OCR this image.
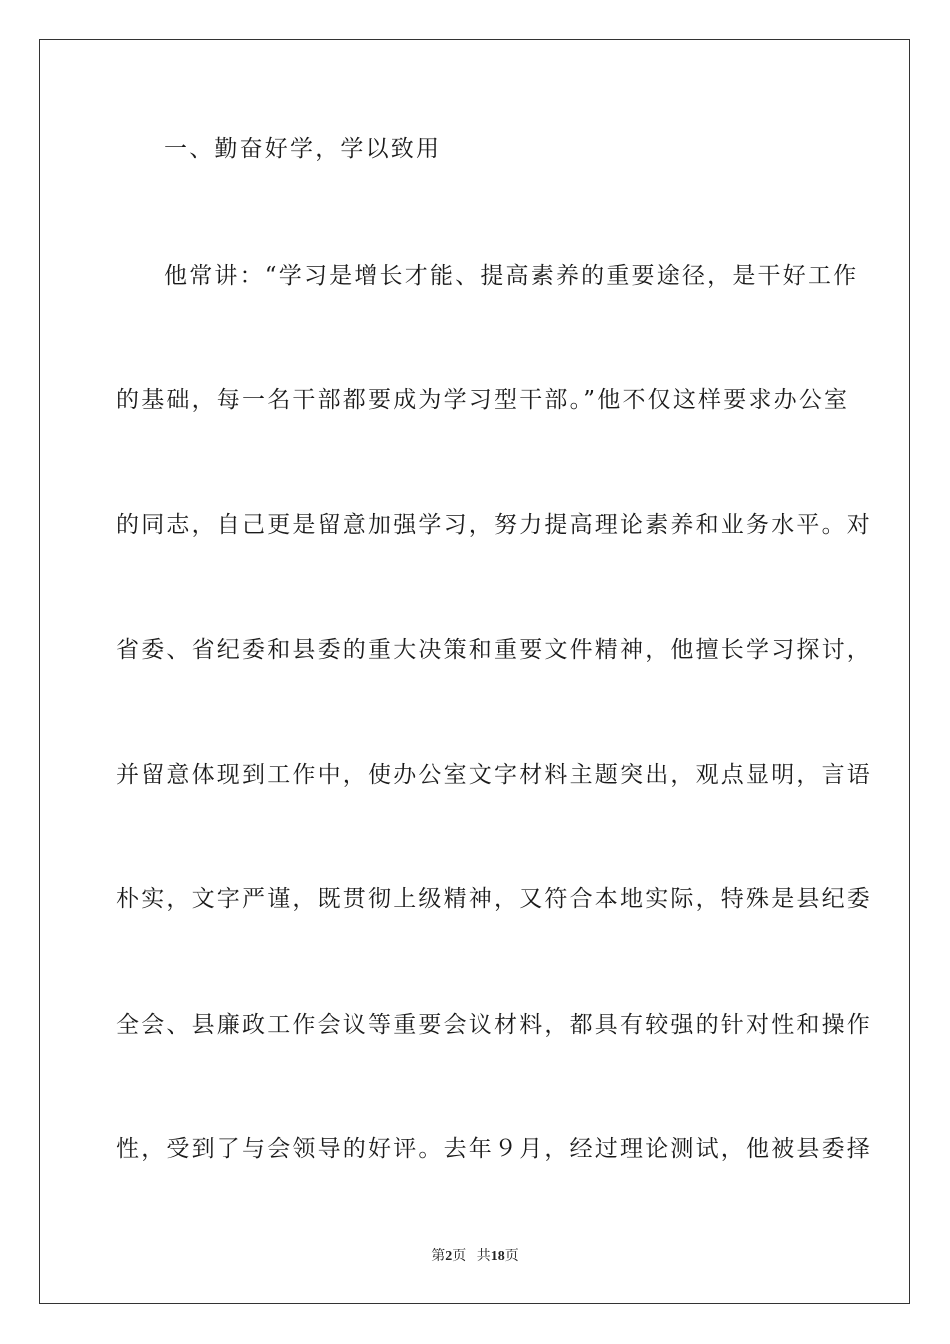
一、勤奋好学，学以致用
他常讲：“学习是增长才能、提高素养的重要途径，是干好工作
的基础，每一名干部都要成为学习型干部。”他不仅这样要求办公室
的同志，自己更是留意加强学习，努力提高理论素养和业务水平。对
省委、省纪委和县委的重大决策和重要文件精神，他擅长学习探讨，
并留意体现到工作中，使办公室文字材料主题突出，观点显明，言语
朴实，文字严谨，既贯彻上级精神，又符合本地实际，特殊是县纪委
全会、县廉政工作会议等重要会议材料，都具有较强的针对性和操作
性，受到了与会领导的好评。去年９月，经过理论测试，他被县委择
第2页 共18页
